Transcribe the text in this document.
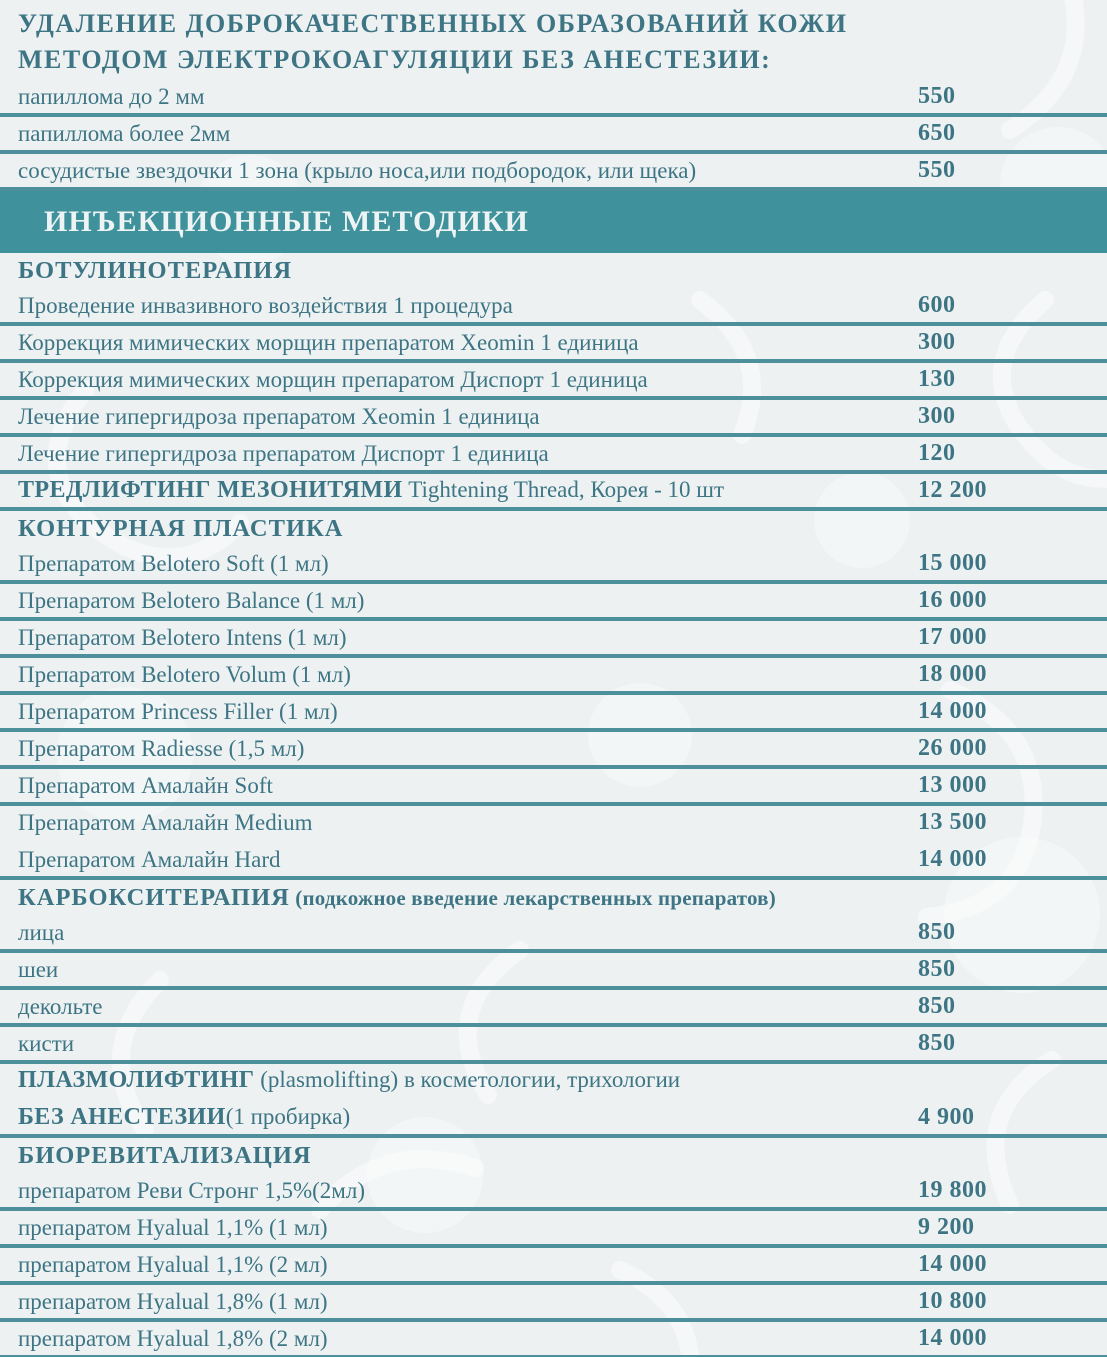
УДАЛЕНИЕ ДОБРОКАЧЕСТВЕННЫХ ОБРАЗОВАНИЙ КОЖИ
МЕТОДОМ ЭЛЕКТРОКОАГУЛЯЦИИ БЕЗ АНЕСТЕЗИИ:
папиллома до 2 мм	550
папиллома более 2мм	650
сосудистые звездочки 1 зона (крыло носа,или подбородок, или щека)	550
ИНЪЕКЦИОННЫЕ МЕТОДИКИ
БОТУЛИНОТЕРАПИЯ
Проведение инвазивного воздействия 1 процедура	600
Коррекция мимических морщин препаратом Xeomin 1 единица	300
Коррекция мимических морщин препаратом Диспорт 1 единица	130
Лечение гипергидроза препаратом Xeomin 1 единица	300
Лечение гипергидроза препаратом Диспорт 1 единица	120
ТРЕДЛИФТИНГ МЕЗОНИТЯМИ Tightening Thread, Корея - 10 шт	12 200
КОНТУРНАЯ ПЛАСТИКА
Препаратом Belotero Soft (1 мл)	15 000
Препаратом Belotero Balance (1 мл)	16 000
Препаратом Belotero Intens (1 мл)	17 000
Препаратом Belotero Volum (1 мл)	18 000
Препаратом Princess Filler (1 мл)	14 000
Препаратом Radiesse (1,5 мл)	26 000
Препаратом Амалайн Soft	13 000
Препаратом Амалайн Medium	13 500
Препаратом Амалайн Hard	14 000
КАРБОКСИТЕРАПИЯ (подкожное введение лекарственных препаратов)
лица	850
шеи	850
декольте	850
кисти	850
ПЛАЗМОЛИФТИНГ (plasmolifting) в косметологии, трихологии
БЕЗ АНЕСТЕЗИИ(1 пробирка)	4 900
БИОРЕВИТАЛИЗАЦИЯ
препаратом Реви Стронг 1,5%(2мл)	19 800
препаратом Hyalual 1,1% (1 мл)	9 200
препаратом Hyalual 1,1% (2 мл)	14 000
препаратом Hyalual 1,8% (1 мл)	10 800
препаратом Hyalual 1,8% (2 мл)	14 000
